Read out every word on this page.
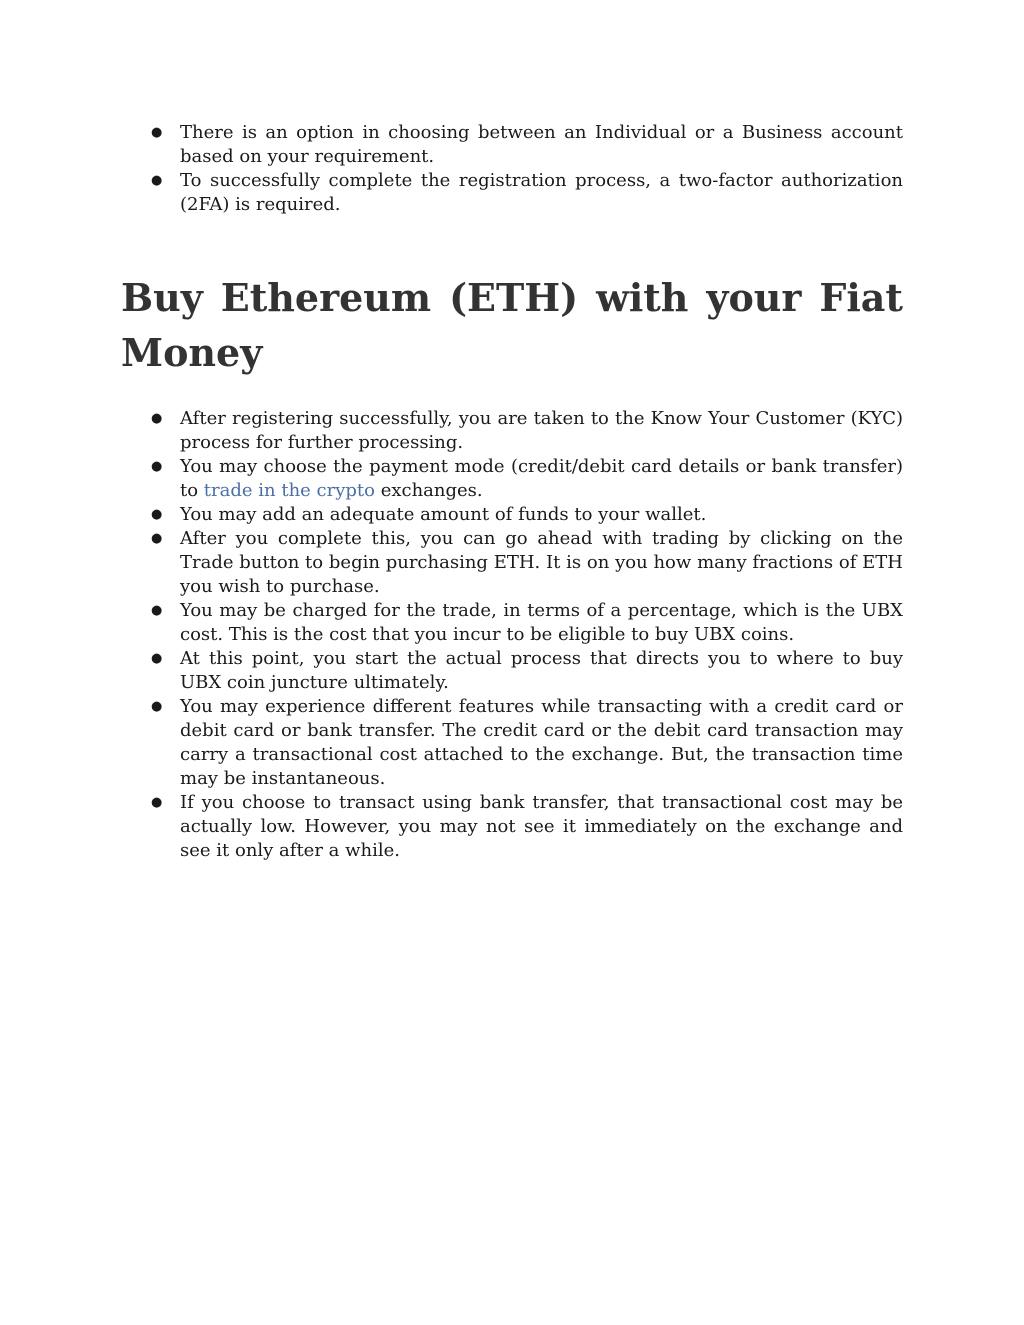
● There is an option in choosing between an Individual or a Business account based on your requirement.
● To successfully complete the registration process, a two-factor authorization (2FA) is required.
Buy Ethereum (ETH) with your Fiat
Money
● After registering successfully, you are taken to the Know Your Customer (KYC) process for further processing.
● You may choose the payment mode (credit/debit card details or bank transfer) to trade in the crypto exchanges.
● You may add an adequate amount of funds to your wallet.
● After you complete this, you can go ahead with trading by clicking on the Trade button to begin purchasing ETH. It is on you how many fractions of ETH you wish to purchase.
● You may be charged for the trade, in terms of a percentage, which is the UBX cost. This is the cost that you incur to be eligible to buy UBX coins.
● At this point, you start the actual process that directs you to where to buy UBX coin juncture ultimately.
● You may experience different features while transacting with a credit card or debit card or bank transfer. The credit card or the debit card transaction may carry a transactional cost attached to the exchange. But, the transaction time may be instantaneous.
● If you choose to transact using bank transfer, that transactional cost may be actually low. However, you may not see it immediately on the exchange and see it only after a while.
